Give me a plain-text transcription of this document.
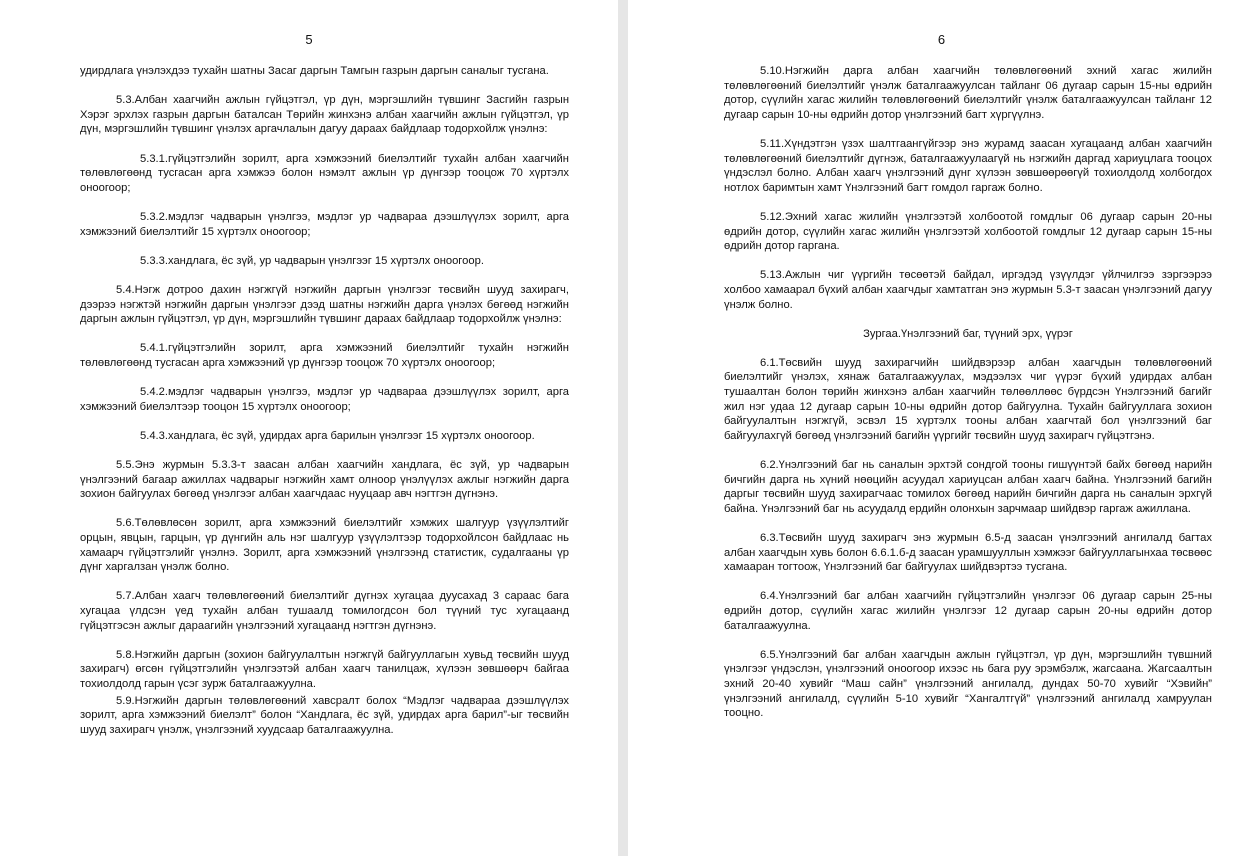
5

удирдлага үнэлэхдээ тухайн шатны Засаг даргын Тамгын газрын даргын саналыг тусгана.

5.3.Албан хаагчийн ажлын гүйцэтгэл, үр дүн, мэргэшлийн түвшинг Засгийн газрын Хэрэг эрхлэх газрын даргын баталсан Төрийн жинхэнэ албан хаагчийн ажлын гүйцэтгэл, үр дүн, мэргэшлийн түвшинг үнэлэх аргачлалын дагуу дараах байдлаар тодорхойлж үнэлнэ:

5.3.1.гүйцэтгэлийн зорилт, арга хэмжээний биелэлтийг тухайн албан хаагчийн төлөвлөгөөнд тусгасан арга хэмжээ болон нэмэлт ажлын үр дүнгээр тооцож 70 хүртэлх оноогоор;

5.3.2.мэдлэг чадварын үнэлгээ, мэдлэг ур чадвараа дээшлүүлэх зорилт, арга хэмжээний биелэлтийг 15 хүртэлх оноогоор;

5.3.3.хандлага, ёс зүй, ур чадварын үнэлгээг 15 хүртэлх оноогоор.

5.4.Нэгж дотроо дахин нэгжгүй нэгжийн даргын үнэлгээг төсвийн шууд захирагч, дээрээ нэгжтэй нэгжийн даргын үнэлгээг дээд шатны нэгжийн дарга үнэлэх бөгөөд нэгжийн даргын ажлын гүйцэтгэл, үр дүн, мэргэшлийн түвшинг дараах байдлаар тодорхойлж үнэлнэ:

5.4.1.гүйцэтгэлийн зорилт, арга хэмжээний биелэлтийг тухайн нэгжийн төлөвлөгөөнд тусгасан арга хэмжээний үр дүнгээр тооцож 70 хүртэлх оноогоор;

5.4.2.мэдлэг чадварын үнэлгээ, мэдлэг ур чадвараа дээшлүүлэх зорилт, арга хэмжээний биелэлтээр тооцон 15 хүртэлх оноогоор;

5.4.3.хандлага, ёс зүй, удирдах арга барилын үнэлгээг 15 хүртэлх оноогоор.

5.5.Энэ журмын 5.3.3-т заасан албан хаагчийн хандлага, ёс зүй, ур чадварын үнэлгээний багаар ажиллах чадварыг нэгжийн хамт олноор үнэлүүлэх ажлыг нэгжийн дарга зохион байгуулах бөгөөд үнэлгээг албан хаагчдаас нууцаар авч нэгтгэн дүгнэнэ.

5.6.Төлөвлөсөн зорилт, арга хэмжээний биелэлтийг хэмжих шалгуур үзүүлэлтийг орцын, явцын, гарцын, үр дүнгийн аль нэг шалгуур үзүүлэлтээр тодорхойлсон байдлаас нь хамаарч гүйцэтгэлийг үнэлнэ. Зорилт, арга хэмжээний үнэлгээнд статистик, судалгааны үр дүнг харгалзан үнэлж болно.

5.7.Албан хаагч төлөвлөгөөний биелэлтийг дүгнэх хугацаа дуусахад 3 сараас бага хугацаа үлдсэн үед тухайн албан тушаалд томилогдсон бол түүний тус хугацаанд гүйцэтгэсэн ажлыг дараагийн үнэлгээний хугацаанд нэгтгэн дүгнэнэ.

5.8.Нэгжийн даргын (зохион байгуулалтын нэгжгүй байгууллагын хувьд төсвийн шууд захирагч) өгсөн гүйцэтгэлийн үнэлгээтэй албан хаагч танилцаж, хүлээн зөвшөөрч байгаа тохиолдолд гарын үсэг зурж баталгаажуулна.

5.9.Нэгжийн даргын төлөвлөгөөний хавсралт болох “Мэдлэг чадвараа дээшлүүлэх зорилт, арга хэмжээний биелэлт” болон “Хандлага, ёс зүй, удирдах арга барил”-ыг төсвийн шууд захирагч үнэлж, үнэлгээний хуудсаар баталгаажуулна.

6

5.10.Нэгжийн дарга албан хаагчийн төлөвлөгөөний эхний хагас жилийн төлөвлөгөөний биелэлтийг үнэлж баталгаажуулсан тайланг 06 дугаар сарын 15-ны өдрийн дотор, сүүлийн хагас жилийн төлөвлөгөөний биелэлтийг үнэлж баталгаажуулсан тайланг 12 дугаар сарын 10-ны өдрийн дотор үнэлгээний багт хүргүүлнэ.

5.11.Хүндэтгэн үзэх шалтгаангүйгээр энэ журамд заасан хугацаанд албан хаагчийн төлөвлөгөөний биелэлтийг дүгнэж, баталгаажуулаагүй нь нэгжийн даргад хариуцлага тооцох үндэслэл болно. Албан хаагч үнэлгээний дүнг хүлээн зөвшөөрөөгүй тохиолдолд холбогдох нотлох баримтын хамт Үнэлгээний багт гомдол гаргаж болно.

5.12.Эхний хагас жилийн үнэлгээтэй холбоотой гомдлыг 06 дугаар сарын 20-ны өдрийн дотор, сүүлийн хагас жилийн үнэлгээтэй холбоотой гомдлыг 12 дугаар сарын 15-ны өдрийн дотор гаргана.

5.13.Ажлын чиг үүргийн төсөөтэй байдал, иргэдэд үзүүлдэг үйлчилгээ зэргээрээ холбоо хамаарал бүхий албан хаагчдыг хамтатган энэ журмын 5.3-т заасан үнэлгээний дагуу үнэлж болно.

Зургаа.Үнэлгээний баг, түүний эрх, үүрэг

6.1.Төсвийн шууд захирагчийн шийдвэрээр албан хаагчдын төлөвлөгөөний биелэлтийг үнэлэх, хянаж баталгаажуулах, мэдээлэх чиг үүрэг бүхий удирдах албан тушаалтан болон төрийн жинхэнэ албан хаагчийн төлөөллөөс бүрдсэн Үнэлгээний багийг жил нэг удаа 12 дугаар сарын 10-ны өдрийн дотор байгуулна. Тухайн байгууллага зохион байгуулалтын нэгжгүй, эсвэл 15 хүртэлх тооны албан хаагчтай бол үнэлгээний баг байгуулахгүй бөгөөд үнэлгээний багийн үүргийг төсвийн шууд захирагч гүйцэтгэнэ.

6.2.Үнэлгээний баг нь саналын эрхтэй сондгой тооны гишүүнтэй байх бөгөөд нарийн бичгийн дарга нь хүний нөөцийн асуудал хариуцсан албан хаагч байна. Үнэлгээний багийн даргыг төсвийн шууд захирагчаас томилох бөгөөд нарийн бичгийн дарга нь саналын эрхгүй байна. Үнэлгээний баг нь асуудалд ердийн олонхын зарчмаар шийдвэр гаргаж ажиллана.

6.3.Төсвийн шууд захирагч энэ журмын 6.5-д заасан үнэлгээний ангилалд багтах албан хаагчдын хувь болон 6.6.1.б-д заасан урамшууллын хэмжээг байгууллагынхаа төсвөөс хамааран тогтоож, Үнэлгээний баг байгуулах шийдвэртээ тусгана.

6.4.Үнэлгээний баг албан хаагчийн гүйцэтгэлийн үнэлгээг 06 дугаар сарын 25-ны өдрийн дотор, сүүлийн хагас жилийн үнэлгээг 12 дугаар сарын 20-ны өдрийн дотор баталгаажуулна.

6.5.Үнэлгээний баг албан хаагчдын ажлын гүйцэтгэл, үр дүн, мэргэшлийн түвшний үнэлгээг үндэслэн, үнэлгээний оноогоор ихээс нь бага руу эрэмбэлж, жагсаана. Жагсаалтын эхний 20-40 хувийг “Маш сайн” үнэлгээний ангилалд, дундах 50-70 хувийг “Хэвийн” үнэлгээний ангилалд, сүүлийн 5-10 хувийг “Хангалтгүй” үнэлгээний ангилалд хамруулан тооцно.
